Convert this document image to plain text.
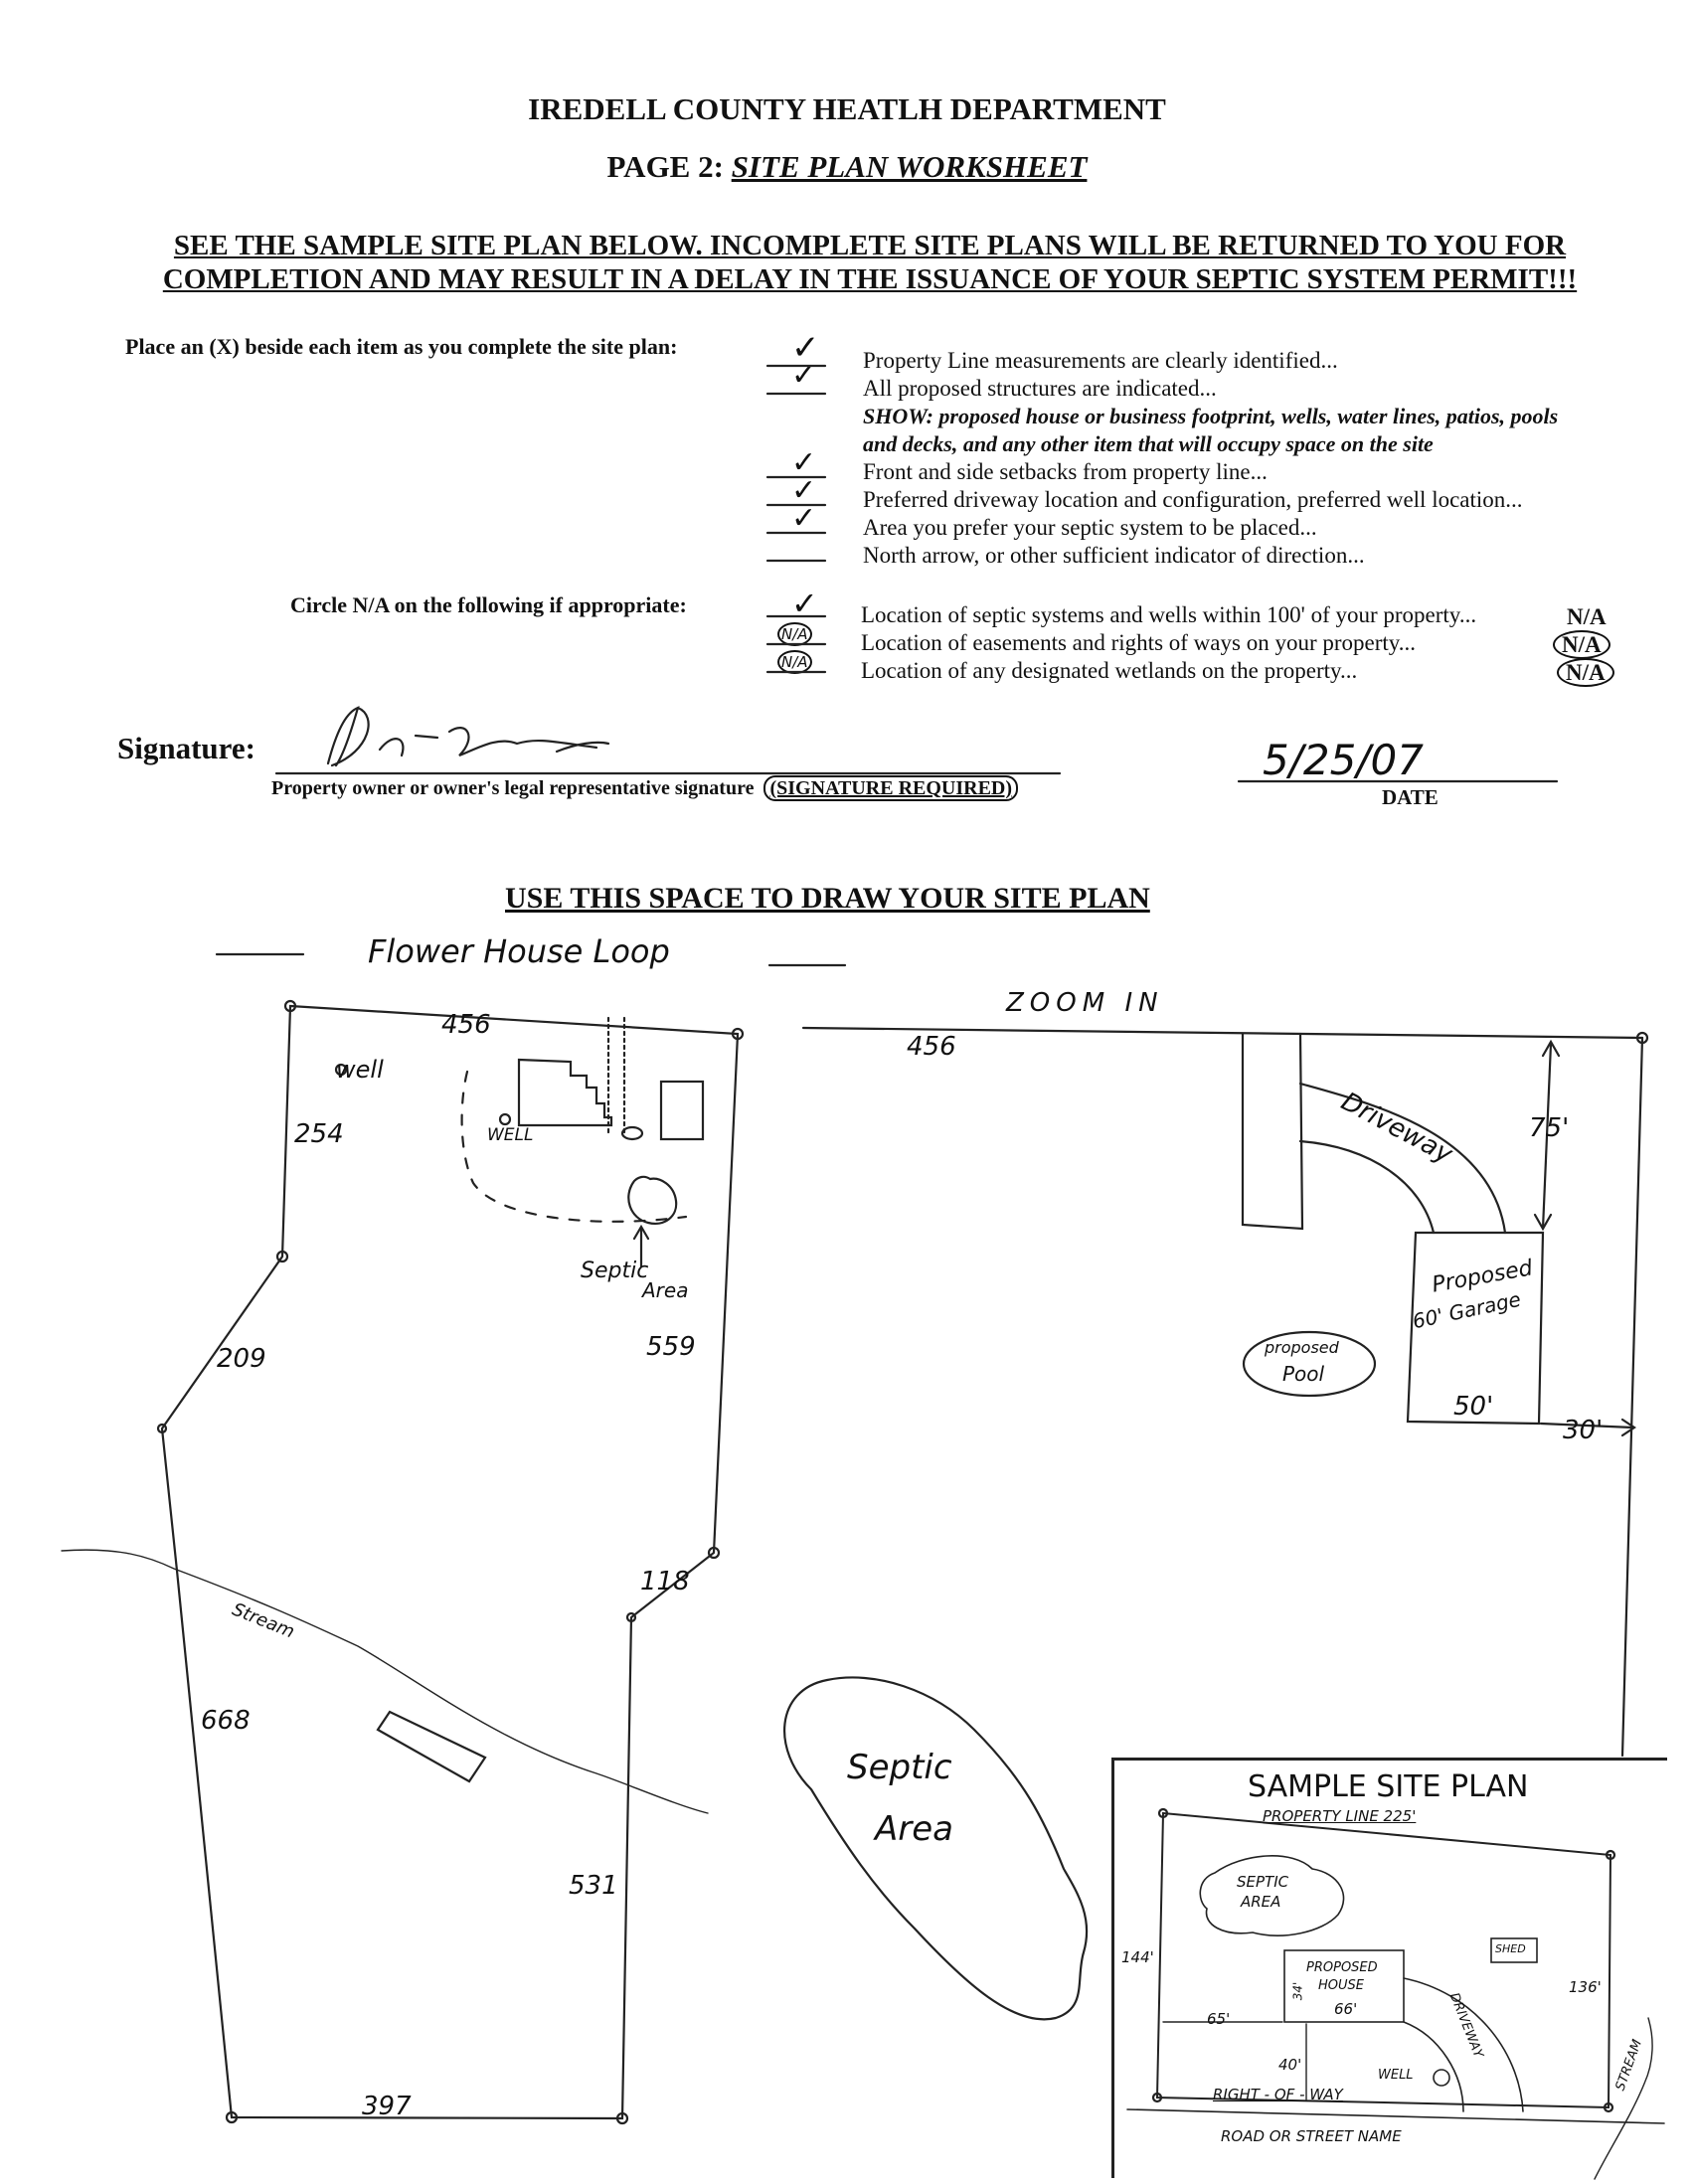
IREDELL COUNTY HEATLH DEPARTMENT
PAGE 2: SITE PLAN WORKSHEET
SEE THE SAMPLE SITE PLAN BELOW. INCOMPLETE SITE PLANS WILL BE RETURNED TO YOU FOR COMPLETION AND MAY RESULT IN A DELAY IN THE ISSUANCE OF YOUR SEPTIC SYSTEM PERMIT!!!
Place an (X) beside each item as you complete the site plan:
Property Line measurements are clearly identified...
All proposed structures are indicated...
SHOW: proposed house or business footprint, wells, water lines, patios, pools
and decks, and any other item that will occupy space on the site
Front and side setbacks from property line...
Preferred driveway location and configuration, preferred well location...
Area you prefer your septic system to be placed...
North arrow, or other sufficient indicator of direction...
✓
✓
✓
✓
✓
Circle N/A on the following if appropriate:	Location of septic systems and wells within 100' of your property...
Location of easements and rights of ways on your property...
Location of any designated wetlands on the property...
N/A
N/A
N/A
✓
N/A
N/A
Signature:
Property owner or owner's legal representative signature (SIGNATURE REQUIRED)
5/25/07
DATE
USE THIS SPACE TO DRAW YOUR SITE PLAN
Flower House Loop
ZOOM IN
456
456
well
WELL
254
Septic
Area
559
209
118
Stream
668
531
397
Driveway	75'
Proposed
60' Garage
proposed
Pool
50'
30'
Septic
Area
SAMPLE SITE PLAN
PROPERTY LINE 225'
SEPTIC
AREA
SHED
144'
136'
PROPOSED
HOUSE
66'
34'
65'
40'
WELL
DRIVEWAY
RIGHT - OF - WAY
ROAD OR STREET NAME
STREAM
